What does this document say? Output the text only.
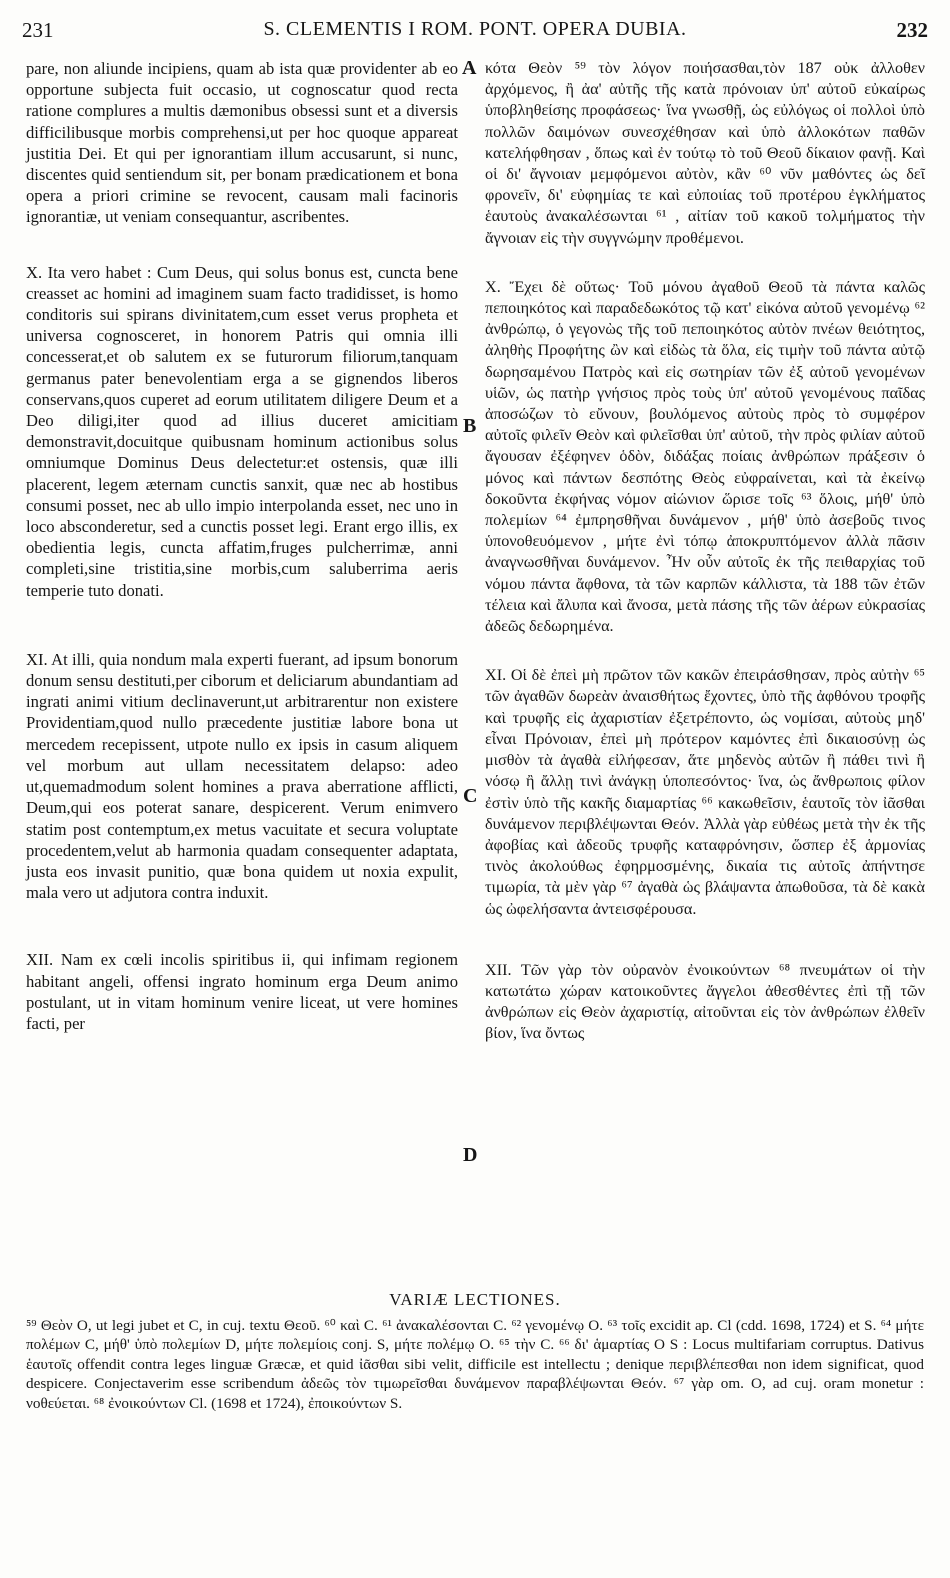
231	S. CLEMENTIS I ROM. PONT. OPERA DUBIA.	232

pare, non aliunde incipiens, quam ab ista quæ providenter ab eo opportune subjecta fuit occasio, ut cognoscatur quod recta ratione complures a multis dæmonibus obsessi sunt et a diversis difficilibusque morbis comprehensi,ut per hoc quoque appareat justitia Dei. Et qui per ignorantiam illum accusarunt, si nunc, discentes quid sentiendum sit, per bonam prædicationem et bona opera a priori crimine se revocent, causam mali facinoris ignorantiæ, ut veniam consequantur, ascribentes.

X. Ita vero habet : Cum Deus, qui solus bonus est, cuncta bene creasset ac homini ad imaginem suam facto tradidisset, is homo conditoris sui spirans divinitatem,cum esset verus propheta et universa cognosceret, in honorem Patris qui omnia illi concesserat,et ob salutem ex se futurorum filiorum,tanquam germanus pater benevolentiam erga a se gignendos liberos conservans,quos cuperet ad eorum utilitatem diligere Deum et a Deo diligi,iter quod ad illius duceret amicitiam demonstravit,docuitque quibusnam hominum actionibus solus omniumque Dominus Deus delectetur:et ostensis, quæ illi placerent, legem æternam cunctis sanxit, quæ nec ab hostibus consumi posset, nec ab ullo impio interpolanda esset, nec uno in loco absconderetur, sed a cunctis posset legi. Erant ergo illis, ex obedientia legis, cuncta affatim,fruges pulcherrimæ, anni completi,sine tristitia,sine morbis,cum saluberrima aeris temperie tuto donati.

XI. At illi, quia nondum mala experti fuerant, ad ipsum bonorum donum sensu destituti,per ciborum et deliciarum abundantiam ad ingrati animi vitium declinaverunt,ut arbitrarentur non existere Providentiam,quod nullo præcedente justitiæ labore bona ut mercedem recepissent, utpote nullo ex ipsis in casum aliquem vel morbum aut ullam necessitatem delapso: adeo ut,quemadmodum solent homines a prava aberratione afflicti, Deum,qui eos poterat sanare, despicerent. Verum enimvero statim post contemptum,ex metus vacuitate et secura voluptate procedentem,velut ab harmonia quadam consequenter adaptata, justa eos invasit punitio, quæ bona quidem ut noxia expulit, mala vero ut adjutora contra induxit.

XII. Nam ex cœli incolis spiritibus ii, qui infimam regionem habitant angeli, offensi ingrato hominum erga Deum animo postulant, ut in vitam hominum venire liceat, ut vere homines facti, per

A
B
C
D

κότα Θεὸν ⁵⁹ τὸν λόγον ποιήσασθαι,τὸν 187 οὐκ ἀλλοθεν ἀρχόμενος, ἢ ἀα' αὐτῆς τῆς κατὰ πρόνοιαν ὑπ' αὐτοῦ εὐκαίρως ὑποβληθείσης προφάσεως· ἵνα γνωσθῇ, ὡς εὐλόγως οἱ πολλοὶ ὑπὸ πολλῶν δαιμόνων συνεσχέθησαν καὶ ὑπὸ ἀλλοκότων παθῶν κατελήφθησαν , ὅπως καὶ ἐν τούτῳ τὸ τοῦ Θεοῦ δίκαιον φανῇ. Καὶ οἱ δι' ἄγνοιαν μεμφόμενοι αὐτὸν, κἂν ⁶⁰ νῦν μαθόντες ὡς δεῖ φρονεῖν, δι' εὐφημίας τε καὶ εὐποιίας τοῦ προτέρου ἐγκλήματος ἑαυτοὺς ἀνακαλέσωνται ⁶¹ , αἰτίαν τοῦ κακοῦ τολμήματος τὴν ἄγνοιαν εἰς τὴν συγγνώμην προθέμενοι.

X. Ἔχει δὲ οὕτως· Τοῦ μόνου ἀγαθοῦ Θεοῦ τὰ πάντα καλῶς πεποιηκότος καὶ παραδεδωκότος τῷ κατ' εἰκόνα αὐτοῦ γενομένῳ ⁶² ἀνθρώπῳ, ὁ γεγονὼς τῆς τοῦ πεποιηκότος αὐτὸν πνέων θειότητος, ἀληθὴς Προφήτης ὢν καὶ εἰδὼς τὰ ὅλα, εἰς τιμὴν τοῦ πάντα αὐτῷ δωρησαμένου Πατρὸς καὶ εἰς σωτηρίαν τῶν ἐξ αὐτοῦ γενομένων υἱῶν, ὡς πατὴρ γνήσιος πρὸς τοὺς ὑπ' αὐτοῦ γενομένους παῖδας ἀποσώζων τὸ εὔνουν, βουλόμενος αὐτοὺς πρὸς τὸ συμφέρον αὐτοῖς φιλεῖν Θεὸν καὶ φιλεῖσθαι ὑπ' αὐτοῦ, τὴν πρὸς φιλίαν αὐτοῦ ἄγουσαν ἐξέφηνεν ὁδὸν, διδάξας ποίαις ἀνθρώπων πράξεσιν ὁ μόνος καὶ πάντων δεσπότης Θεὸς εὐφραίνεται, καὶ τὰ ἐκείνῳ δοκοῦντα ἐκφήνας νόμον αἰώνιον ὥρισε τοῖς ⁶³ ὅλοις, μήθ' ὑπὸ πολεμίων ⁶⁴ ἐμπρησθῆναι δυνάμενον , μήθ' ὑπὸ ἀσεβοῦς τινος ὑπονοθευόμενον , μήτε ἐνὶ τόπῳ ἀποκρυπτόμενον ἀλλὰ πᾶσιν ἀναγνωσθῆναι δυνάμενον. Ἦν οὖν αὐτοῖς ἐκ τῆς πειθαρχίας τοῦ νόμου πάντα ἄφθονα, τὰ τῶν καρπῶν κάλλιστα, τὰ 188 τῶν ἐτῶν τέλεια καὶ ἄλυπα καὶ ἄνοσα, μετὰ πάσης τῆς τῶν ἀέρων εὐκρασίας ἀδεῶς δεδωρημένα.

XI. Οἱ δὲ ἐπεὶ μὴ πρῶτον τῶν κακῶν ἐπειράσθησαν, πρὸς αὐτὴν ⁶⁵ τῶν ἀγαθῶν δωρεὰν ἀναισθήτως ἔχοντες, ὑπὸ τῆς ἀφθόνου τροφῆς καὶ τρυφῆς εἰς ἀχαριστίαν ἐξετρέποντο, ὡς νομίσαι, αὐτοὺς μηδ' εἶναι Πρόνοιαν, ἐπεὶ μὴ πρότερον καμόντες ἐπὶ δικαιοσύνῃ ὡς μισθὸν τὰ ἀγαθὰ εἰλήφεσαν, ἅτε μηδενὸς αὐτῶν ἢ πάθει τινὶ ἢ νόσῳ ἢ ἄλλῃ τινὶ ἀνάγκῃ ὑποπεσόντος· ἵνα, ὡς ἄνθρωποις φίλον ἐστὶν ὑπὸ τῆς κακῆς διαμαρτίας ⁶⁶ κακωθεῖσιν, ἑαυτοῖς τὸν ἰᾶσθαι δυνάμενον περιβλέψωνται Θεόν. Ἀλλὰ γὰρ εὐθέως μετὰ τὴν ἐκ τῆς ἀφοβίας καὶ ἀδεοῦς τρυφῆς καταφρόνησιν, ὥσπερ ἐξ ἁρμονίας τινὸς ἀκολούθως ἐφηρμοσμένης, δικαία τις αὐτοῖς ἀπήντησε τιμωρία, τὰ μὲν γὰρ ⁶⁷ ἀγαθὰ ὡς βλάψαντα ἀπωθοῦσα, τὰ δὲ κακὰ ὡς ὠφελήσαντα ἀντεισφέρουσα.

XII. Τῶν γὰρ τὸν οὐρανὸν ἐνοικούντων ⁶⁸ πνευμάτων οἱ τὴν κατωτάτω χώραν κατοικοῦντες ἄγγελοι ἀθεσθέντες ἐπὶ τῇ τῶν ἀνθρώπων εἰς Θεὸν ἀχαριστίᾳ, αἰτοῦνται εἰς τὸν ἀνθρώπων ἐλθεῖν βίον, ἵνα ὄντως

VARIÆ LECTIONES.

⁵⁹ Θεὸν O, ut legi jubet et C, in cuj. textu Θεοῦ. ⁶⁰ καὶ C. ⁶¹ ἀνακαλέσονται C. ⁶² γενομένῳ O. ⁶³ τοῖς excidit ap. Cl (cdd. 1698, 1724) et S. ⁶⁴ μήτε πολέμων C, μήθ' ὑπὸ πολεμίων D, μήτε πολεμίοις conj. S, μήτε πολέμῳ O. ⁶⁵ τὴν C. ⁶⁶ δι' ἁμαρτίας O S : Locus multifariam corruptus. Dativus ἑαυτοῖς offendit contra leges linguæ Græcæ, et quid ἰᾶσθαι sibi velit, difficile est intellectu ; denique περιβλέπεσθαι non idem significat, quod despicere. Conjectaverim esse scribendum ἀδεῶς τὸν τιμωρεῖσθαι δυνάμενον παραβλέψωνται Θεόν. ⁶⁷ γὰρ om. O, ad cuj. oram monetur : νοθεύεται. ⁶⁸ ἐνοικούντων Cl. (1698 et 1724), ἐποικούντων S.
